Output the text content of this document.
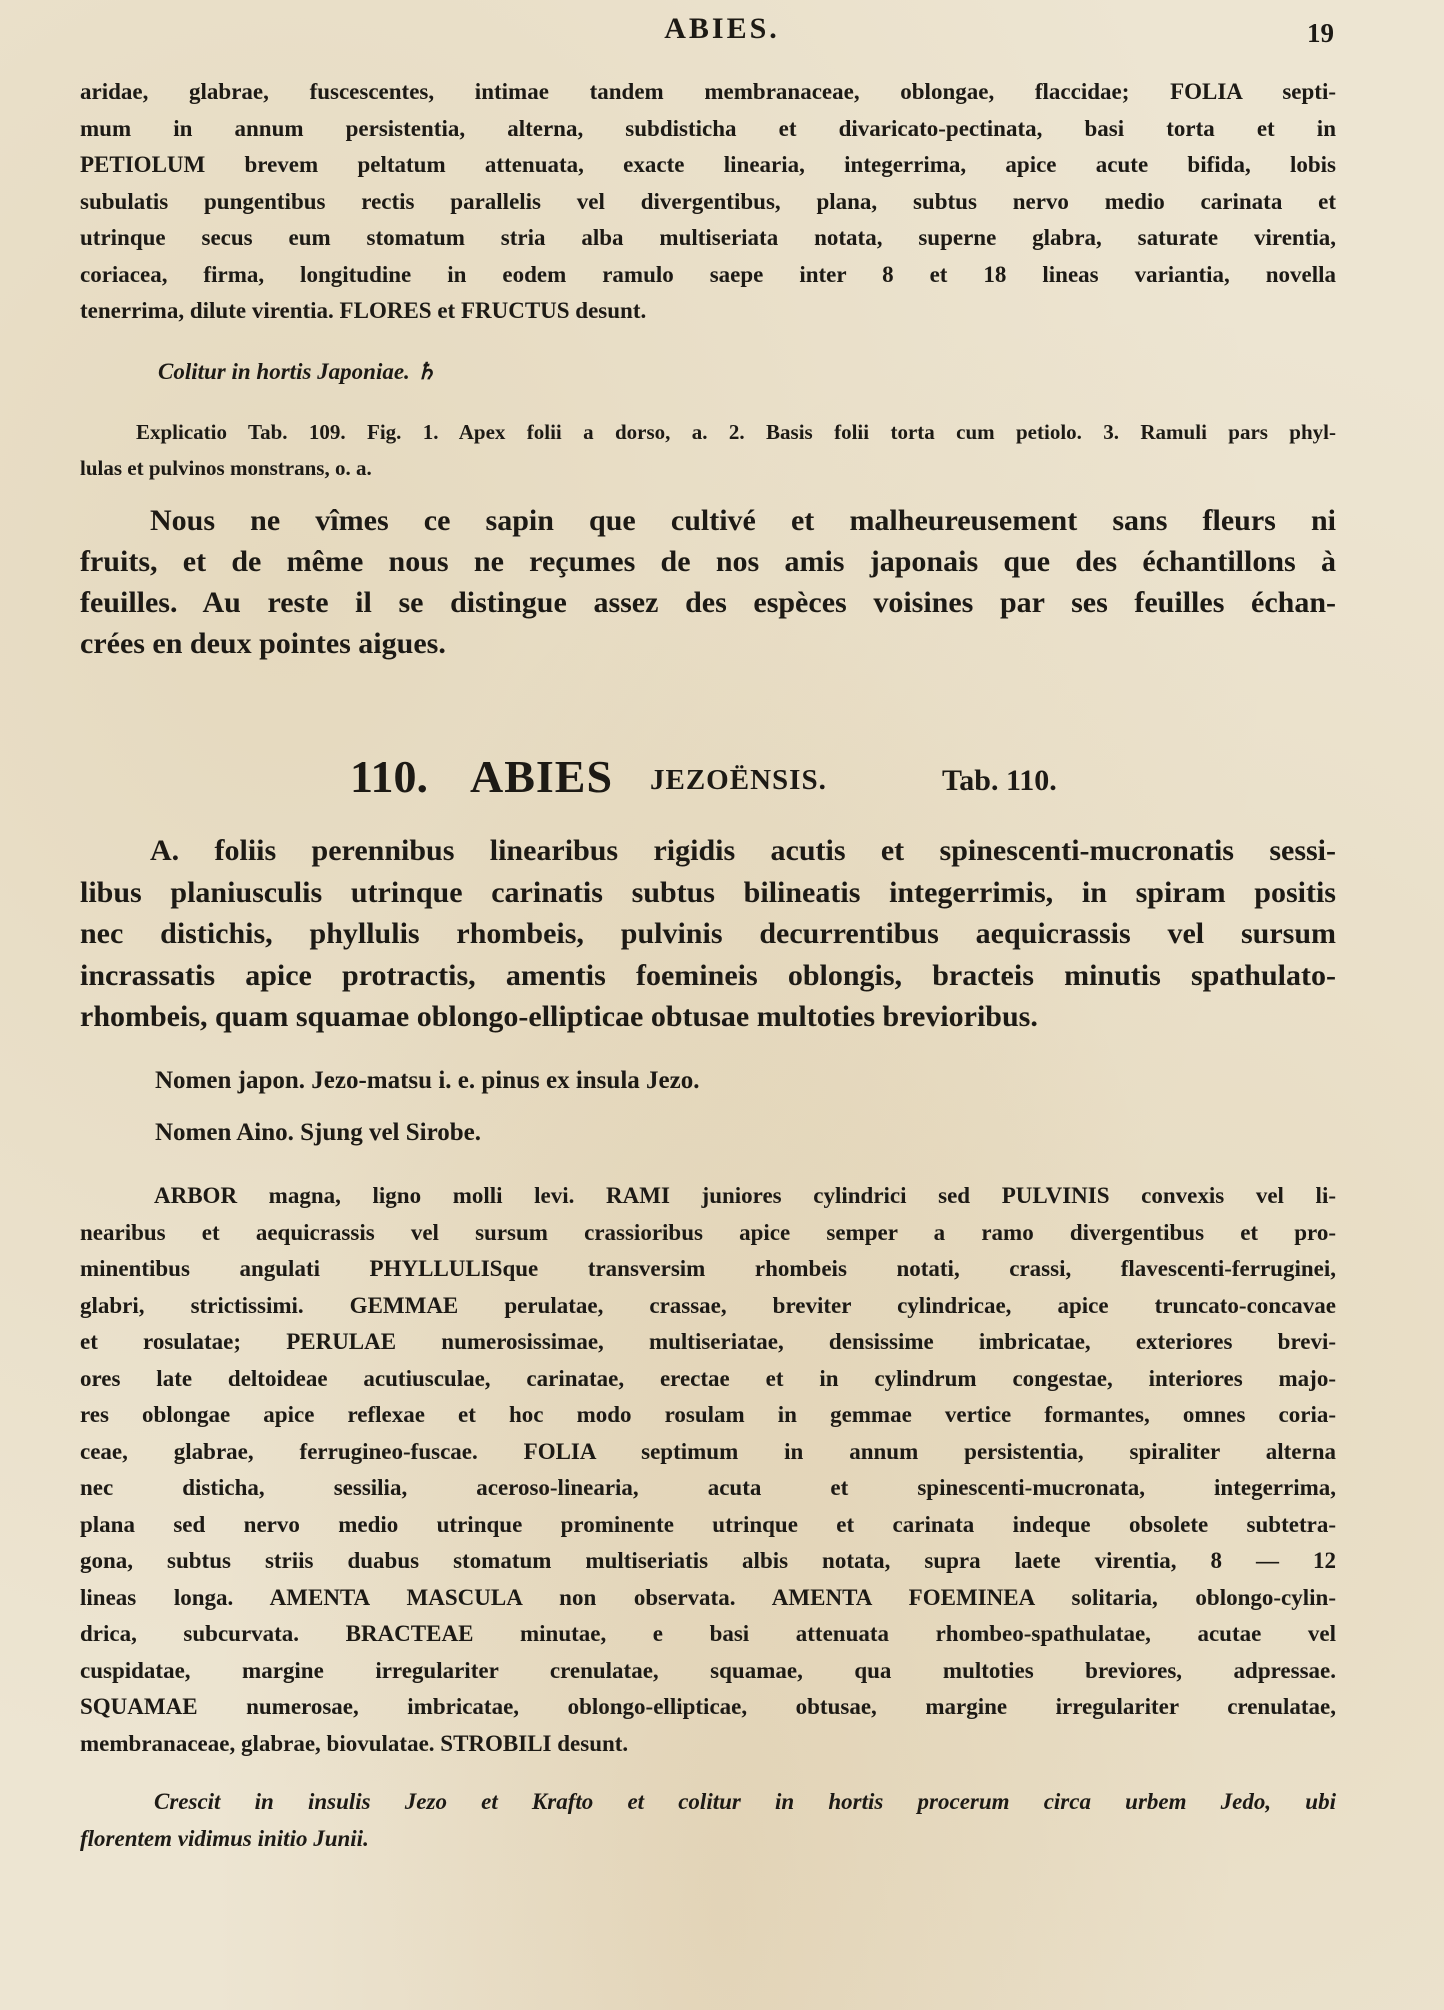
ABIES.	19
aridae, glabrae, fuscescentes, intimae tandem membranaceae, oblongae, flaccidae; FOLIA septi-
mum in annum persistentia, alterna, subdisticha et divaricato-pectinata, basi torta et in
PETIOLUM brevem peltatum attenuata, exacte linearia, integerrima, apice acute bifida, lobis
subulatis pungentibus rectis parallelis vel divergentibus, plana, subtus nervo medio carinata et
utrinque secus eum stomatum stria alba multiseriata notata, superne glabra, saturate virentia,
coriacea, firma, longitudine in eodem ramulo saepe inter 8 et 18 lineas variantia, novella
tenerrima, dilute virentia. FLORES et FRUCTUS desunt.
Colitur in hortis Japoniae. ♄
Explicatio Tab. 109. Fig. 1. Apex folii a dorso, a. 2. Basis folii torta cum petiolo. 3. Ramuli pars phyl-
lulas et pulvinos monstrans, o. a.
Nous ne vîmes ce sapin que cultivé et malheureusement sans fleurs ni
fruits, et de même nous ne reçumes de nos amis japonais que des échantillons à
feuilles. Au reste il se distingue assez des espèces voisines par ses feuilles échan-
crées en deux pointes aigues.
110. ABIES JEZOËNSIS.	Tab. 110.
A. foliis perennibus linearibus rigidis acutis et spinescenti-mucronatis sessi-
libus planiusculis utrinque carinatis subtus bilineatis integerrimis, in spiram positis
nec distichis, phyllulis rhombeis, pulvinis decurrentibus aequicrassis vel sursum
incrassatis apice protractis, amentis foemineis oblongis, bracteis minutis spathulato-
rhombeis, quam squamae oblongo-ellipticae obtusae multoties brevioribus.
Nomen japon. Jezo-matsu i. e. pinus ex insula Jezo.
Nomen Aino. Sjung vel Sirobe.
ARBOR magna, ligno molli levi. RAMI juniores cylindrici sed PULVINIS convexis vel li-
nearibus et aequicrassis vel sursum crassioribus apice semper a ramo divergentibus et pro-
minentibus angulati PHYLLULISque transversim rhombeis notati, crassi, flavescenti-ferruginei,
glabri, strictissimi. GEMMAE perulatae, crassae, breviter cylindricae, apice truncato-concavae
et rosulatae; PERULAE numerosissimae, multiseriatae, densissime imbricatae, exteriores brevi-
ores late deltoideae acutiusculae, carinatae, erectae et in cylindrum congestae, interiores majo-
res oblongae apice reflexae et hoc modo rosulam in gemmae vertice formantes, omnes coria-
ceae, glabrae, ferrugineo-fuscae. FOLIA septimum in annum persistentia, spiraliter alterna
nec disticha, sessilia, aceroso-linearia, acuta et spinescenti-mucronata, integerrima,
plana sed nervo medio utrinque prominente utrinque et carinata indeque obsolete subtetra-
gona, subtus striis duabus stomatum multiseriatis albis notata, supra laete virentia, 8 — 12
lineas longa. AMENTA MASCULA non observata. AMENTA FOEMINEA solitaria, oblongo-cylin-
drica, subcurvata. BRACTEAE minutae, e basi attenuata rhombeo-spathulatae, acutae vel
cuspidatae, margine irregulariter crenulatae, squamae, qua multoties breviores, adpressae.
SQUAMAE numerosae, imbricatae, oblongo-ellipticae, obtusae, margine irregulariter crenulatae,
membranaceae, glabrae, biovulatae. STROBILI desunt.
Crescit in insulis Jezo et Krafto et colitur in hortis procerum circa urbem Jedo, ubi
florentem vidimus initio Junii.
